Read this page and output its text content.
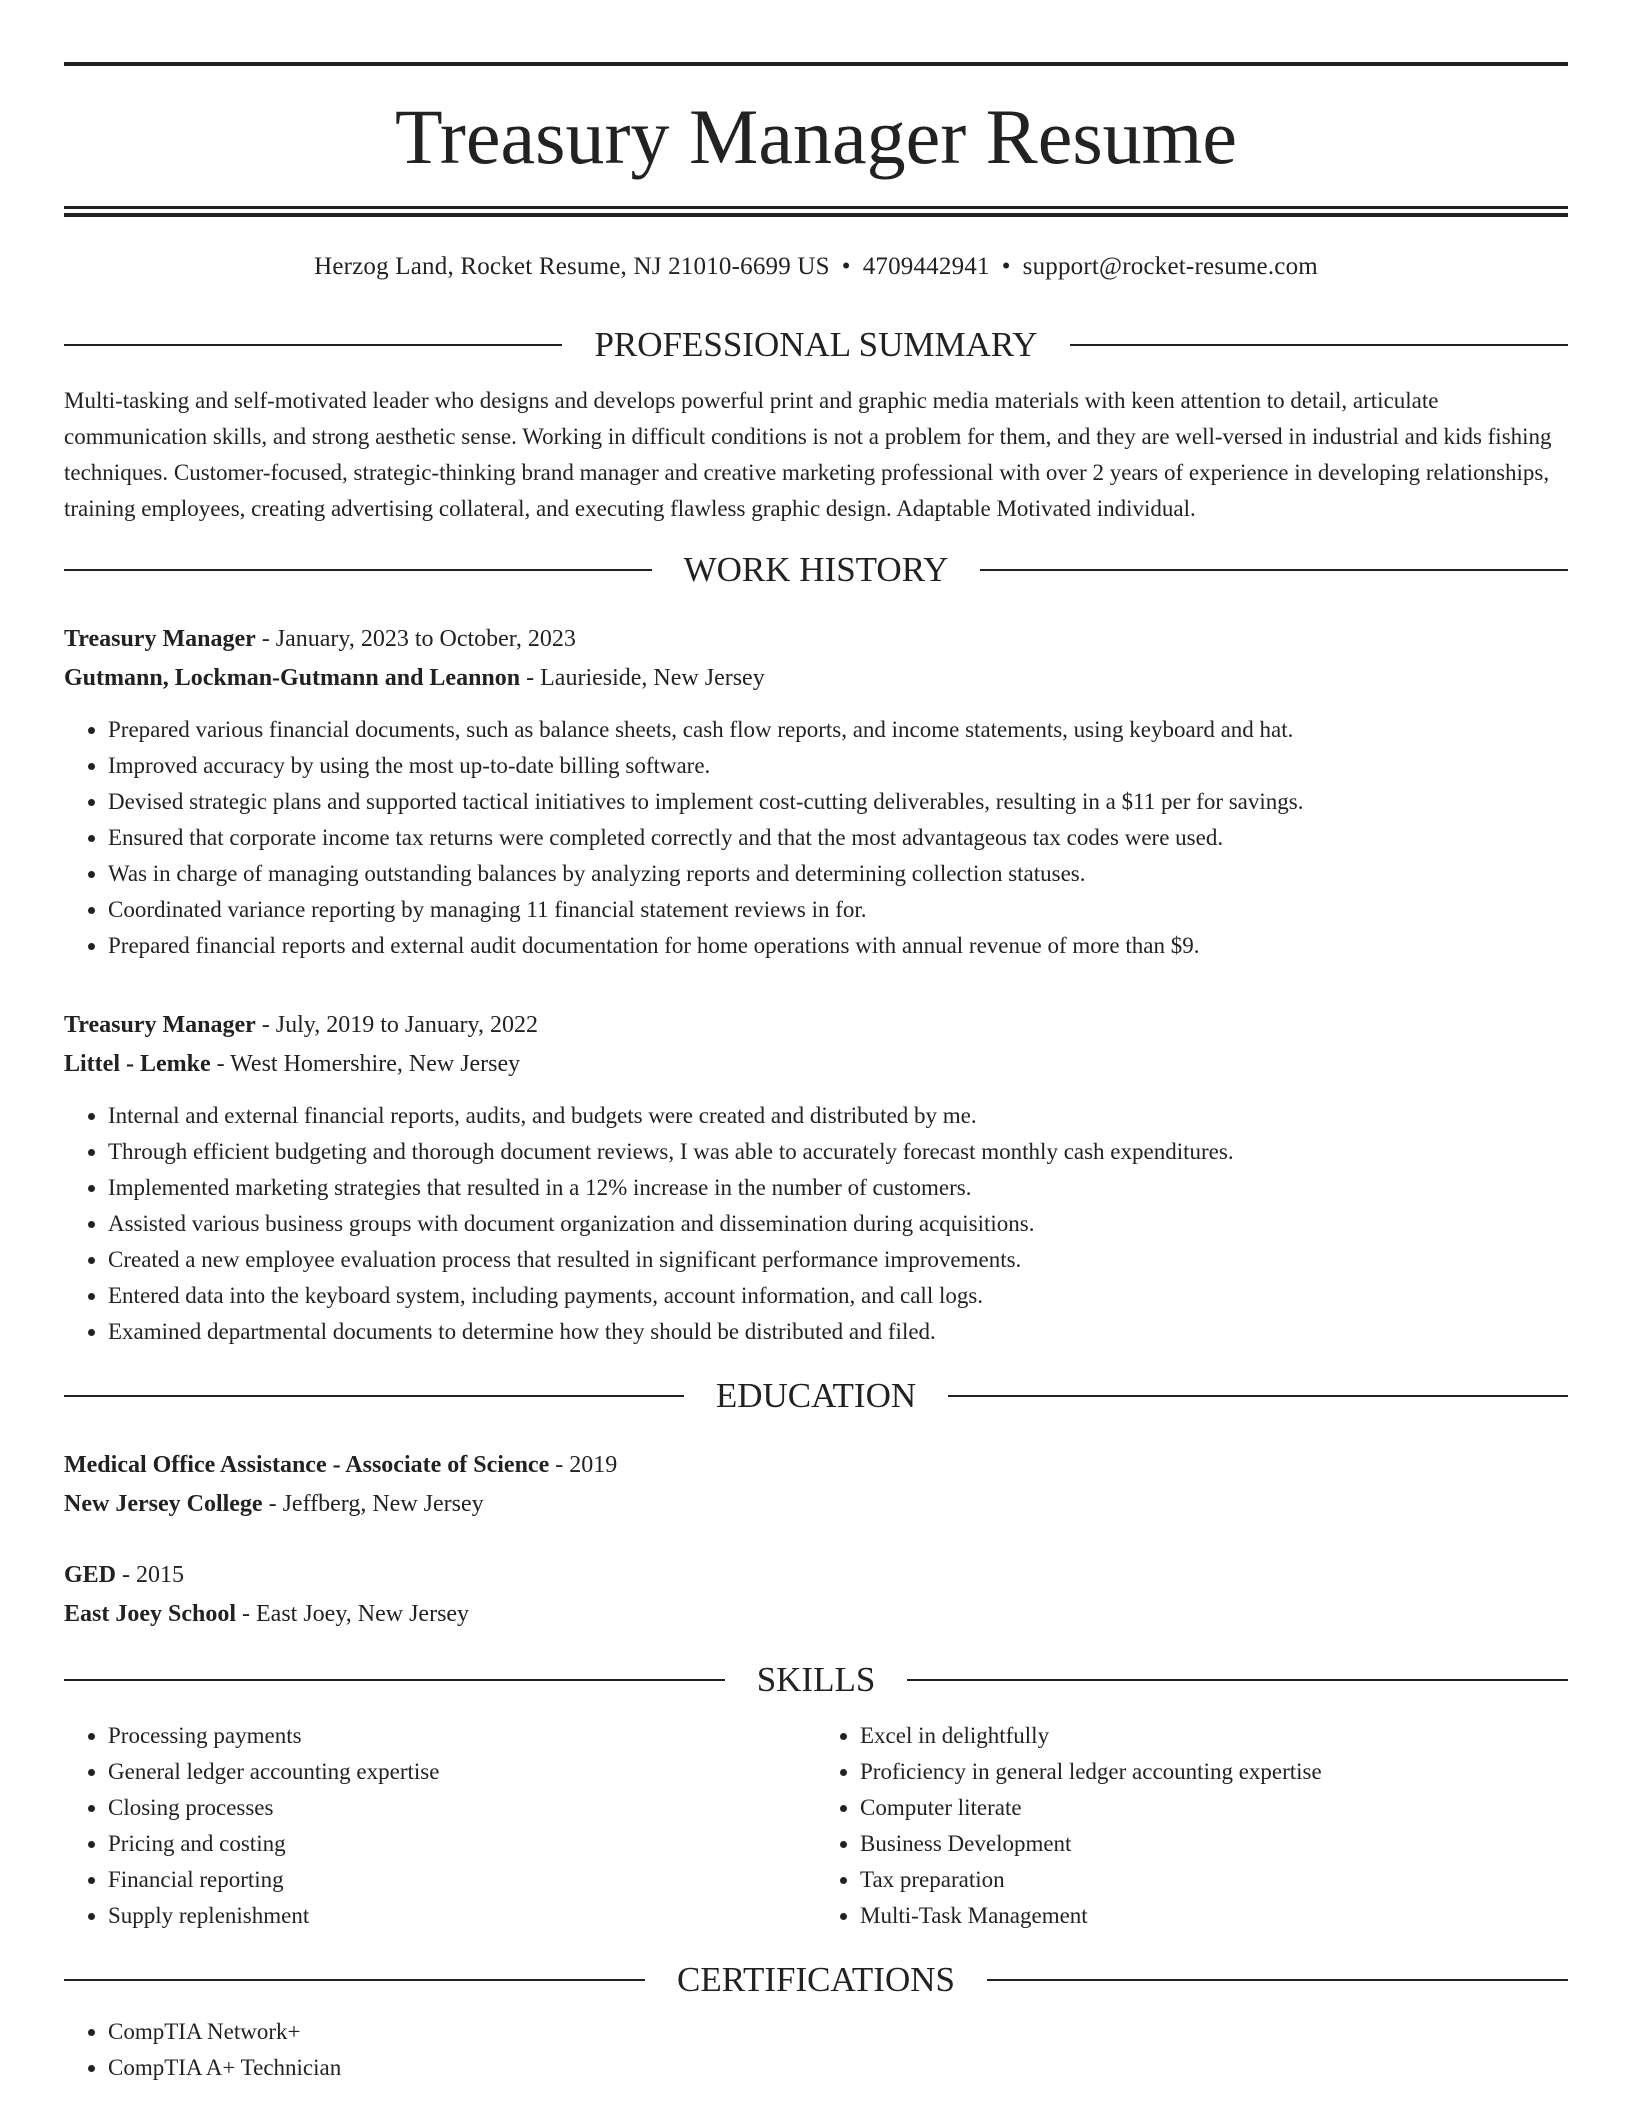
Treasury Manager Resume
Herzog Land, Rocket Resume, NJ 21010-6699 US • 4709442941 • support@rocket-resume.com
PROFESSIONAL SUMMARY

Multi-tasking and self-motivated leader who designs and develops powerful print and graphic media materials with keen attention to detail, articulate communication skills, and strong aesthetic sense. Working in difficult conditions is not a problem for them, and they are well-versed in industrial and kids fishing techniques. Customer-focused, strategic-thinking brand manager and creative marketing professional with over 2 years of experience in developing relationships, training employees, creating advertising collateral, and executing flawless graphic design. Adaptable Motivated individual.

WORK HISTORY
Treasury Manager - January, 2023 to October, 2023
Gutmann, Lockman-Gutmann and Leannon - Laurieside, New Jersey
• Prepared various financial documents, such as balance sheets, cash flow reports, and income statements, using keyboard and hat.
• Improved accuracy by using the most up-to-date billing software.
• Devised strategic plans and supported tactical initiatives to implement cost-cutting deliverables, resulting in a $11 per for savings.
• Ensured that corporate income tax returns were completed correctly and that the most advantageous tax codes were used.
• Was in charge of managing outstanding balances by analyzing reports and determining collection statuses.
• Coordinated variance reporting by managing 11 financial statement reviews in for.
• Prepared financial reports and external audit documentation for home operations with annual revenue of more than $9.
Treasury Manager - July, 2019 to January, 2022
Littel - Lemke - West Homershire, New Jersey
• Internal and external financial reports, audits, and budgets were created and distributed by me.
• Through efficient budgeting and thorough document reviews, I was able to accurately forecast monthly cash expenditures.
• Implemented marketing strategies that resulted in a 12% increase in the number of customers.
• Assisted various business groups with document organization and dissemination during acquisitions.
• Created a new employee evaluation process that resulted in significant performance improvements.
• Entered data into the keyboard system, including payments, account information, and call logs.
• Examined departmental documents to determine how they should be distributed and filed.
EDUCATION
Medical Office Assistance - Associate of Science - 2019
New Jersey College - Jeffberg, New Jersey
GED - 2015
East Joey School - East Joey, New Jersey
SKILLS
• Processing payments
• General ledger accounting expertise
• Closing processes
• Pricing and costing
• Financial reporting
• Supply replenishment
• Excel in delightfully
• Proficiency in general ledger accounting expertise
• Computer literate
• Business Development
• Tax preparation
• Multi-Task Management
CERTIFICATIONS
• CompTIA Network+
• CompTIA A+ Technician
